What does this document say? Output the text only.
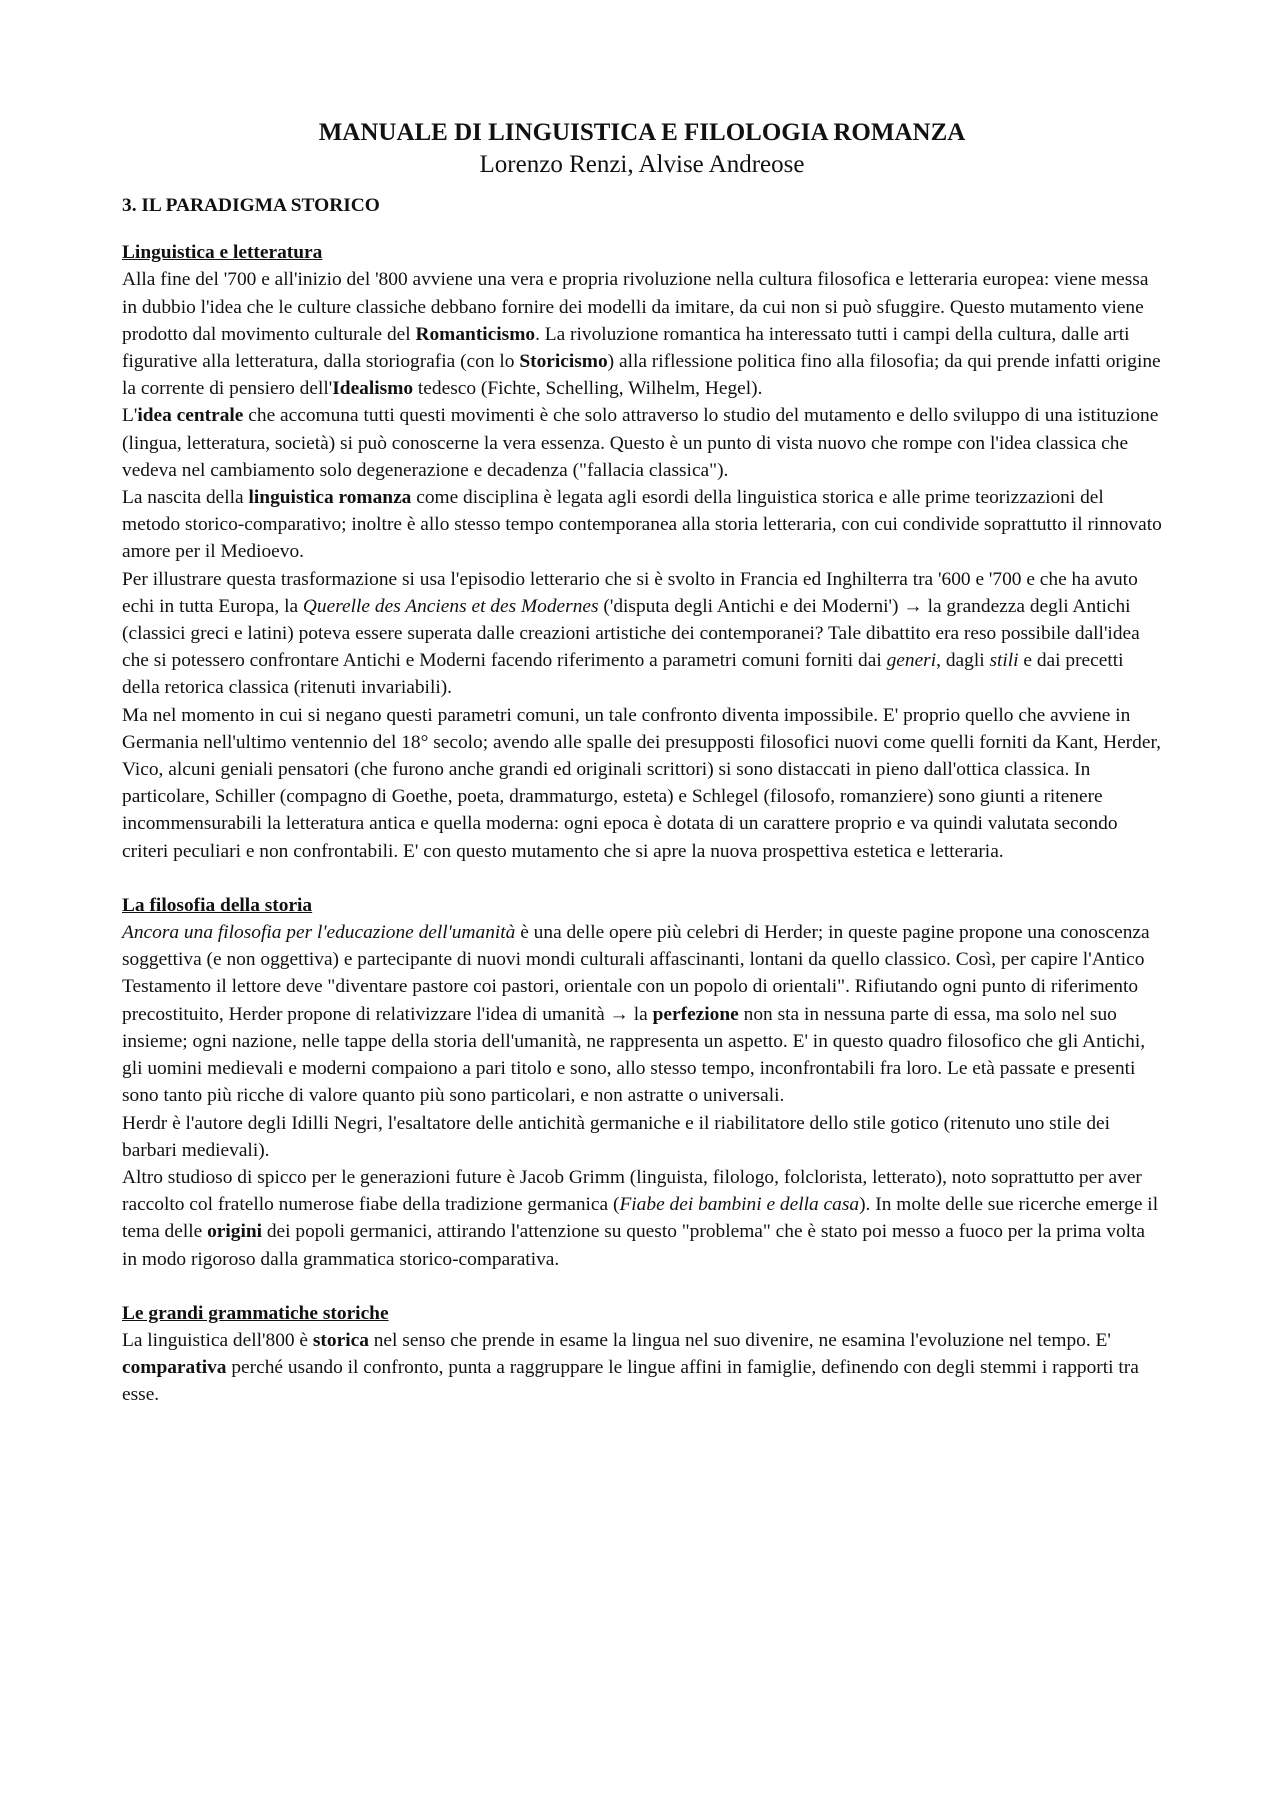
MANUALE DI LINGUISTICA E FILOLOGIA ROMANZA
Lorenzo Renzi, Alvise Andreose
3. IL PARADIGMA STORICO
Linguistica e letteratura

Alla fine del '700 e all'inizio del '800 avviene una vera e propria rivoluzione nella cultura filosofica e letteraria europea: viene messa in dubbio l'idea che le culture classiche debbano fornire dei modelli da imitare, da cui non si può sfuggire. Questo mutamento viene prodotto dal movimento culturale del Romanticismo. La rivoluzione romantica ha interessato tutti i campi della cultura, dalle arti figurative alla letteratura, dalla storiografia (con lo Storicismo) alla riflessione politica fino alla filosofia; da qui prende infatti origine la corrente di pensiero dell'Idealismo tedesco (Fichte, Schelling, Wilhelm, Hegel).

L'idea centrale che accomuna tutti questi movimenti è che solo attraverso lo studio del mutamento e dello sviluppo di una istituzione (lingua, letteratura, società) si può conoscerne la vera essenza. Questo è un punto di vista nuovo che rompe con l'idea classica che vedeva nel cambiamento solo degenerazione e decadenza ("fallacia classica").

La nascita della linguistica romanza come disciplina è legata agli esordi della linguistica storica e alle prime teorizzazioni del metodo storico-comparativo; inoltre è allo stesso tempo contemporanea alla storia letteraria, con cui condivide soprattutto il rinnovato amore per il Medioevo.

Per illustrare questa trasformazione si usa l'episodio letterario che si è svolto in Francia ed Inghilterra tra '600 e '700 e che ha avuto echi in tutta Europa, la Querelle des Anciens et des Modernes ('disputa degli Antichi e dei Moderni') → la grandezza degli Antichi (classici greci e latini) poteva essere superata dalle creazioni artistiche dei contemporanei? Tale dibattito era reso possibile dall'idea che si potessero confrontare Antichi e Moderni facendo riferimento a parametri comuni forniti dai generi, dagli stili e dai precetti della retorica classica (ritenuti invariabili).

Ma nel momento in cui si negano questi parametri comuni, un tale confronto diventa impossibile. E' proprio quello che avviene in Germania nell'ultimo ventennio del 18° secolo; avendo alle spalle dei presupposti filosofici nuovi come quelli forniti da Kant, Herder, Vico, alcuni geniali pensatori (che furono anche grandi ed originali scrittori) si sono distaccati in pieno dall'ottica classica. In particolare, Schiller (compagno di Goethe, poeta, drammaturgo, esteta) e Schlegel (filosofo, romanziere) sono giunti a ritenere incommensurabili la letteratura antica e quella moderna: ogni epoca è dotata di un carattere proprio e va quindi valutata secondo criteri peculiari e non confrontabili. E' con questo mutamento che si apre la nuova prospettiva estetica e letteraria.

La filosofia della storia

Ancora una filosofia per l'educazione dell'umanità è una delle opere più celebri di Herder; in queste pagine propone una conoscenza soggettiva (e non oggettiva) e partecipante di nuovi mondi culturali affascinanti, lontani da quello classico. Così, per capire l'Antico Testamento il lettore deve "diventare pastore coi pastori, orientale con un popolo di orientali". Rifiutando ogni punto di riferimento precostituito, Herder propone di relativizzare l'idea di umanità → la perfezione non sta in nessuna parte di essa, ma solo nel suo insieme; ogni nazione, nelle tappe della storia dell'umanità, ne rappresenta un aspetto. E' in questo quadro filosofico che gli Antichi, gli uomini medievali e moderni compaiono a pari titolo e sono, allo stesso tempo, inconfrontabili fra loro. Le età passate e presenti sono tanto più ricche di valore quanto più sono particolari, e non astratte o universali.

Herdr è l'autore degli Idilli Negri, l'esaltatore delle antichità germaniche e il riabilitatore dello stile gotico (ritenuto uno stile dei barbari medievali).

Altro studioso di spicco per le generazioni future è Jacob Grimm (linguista, filologo, folclorista, letterato), noto soprattutto per aver raccolto col fratello numerose fiabe della tradizione germanica (Fiabe dei bambini e della casa). In molte delle sue ricerche emerge il tema delle origini dei popoli germanici, attirando l'attenzione su questo "problema" che è stato poi messo a fuoco per la prima volta in modo rigoroso dalla grammatica storico-comparativa.

Le grandi grammatiche storiche

La linguistica dell'800 è storica nel senso che prende in esame la lingua nel suo divenire, ne esamina l'evoluzione nel tempo. E' comparativa perché usando il confronto, punta a raggruppare le lingue affini in famiglie, definendo con degli stemmi i rapporti tra esse.
